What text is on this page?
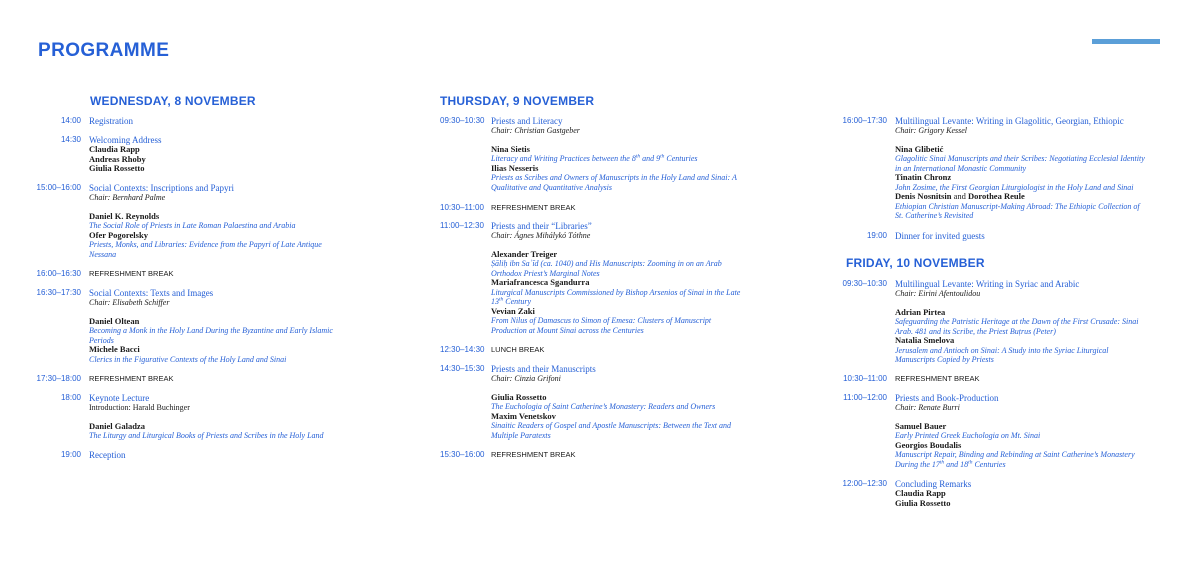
PROGRAMME
WEDNESDAY, 8 NOVEMBER
14:00 Registration
14:30 Welcoming Address
Claudia Rapp
Andreas Rhoby
Giulia Rossetto
15:00–16:00 Social Contexts: Inscriptions and Papyri
Chair: Bernhard Palme
Daniel K. Reynolds
The Social Role of Priests in Late Roman Palaestina and Arabia
Ofer Pogorelsky
Priests, Monks, and Libraries: Evidence from the Papyri of Late Antique
Nessana
16:00–16:30 REFRESHMENT BREAK
16:30–17:30 Social Contexts: Texts and Images
Chair: Elisabeth Schiffer
Daniel Oltean
Becoming a Monk in the Holy Land During the Byzantine and Early Islamic
Periods
Michele Bacci
Clerics in the Figurative Contexts of the Holy Land and Sinai
17:30–18:00 REFRESHMENT BREAK
18:00 Keynote Lecture
Introduction: Harald Buchinger
Daniel Galadza
The Liturgy and Liturgical Books of Priests and Scribes in the Holy Land
19:00 Reception
THURSDAY, 9 NOVEMBER
09:30–10:30 Priests and Literacy
Chair: Christian Gastgeber
Nina Sietis
Literacy and Writing Practices between the 8th and 9th Centuries
Ilias Nesseris
Priests as Scribes and Owners of Manuscripts in the Holy Land and Sinai: A
Qualitative and Quantitative Analysis
10:30–11:00 REFRESHMENT BREAK
11:00–12:30 Priests and their “Libraries”
Chair: Ágnes Mihálykó Tóthne
Alexander Treiger
Ṣāliḥ ibn Saʿīd (ca. 1040) and His Manuscripts: Zooming in on an Arab
Orthodox Priest’s Marginal Notes
Mariafrancesca Sgandurra
Liturgical Manuscripts Commissioned by Bishop Arsenios of Sinai in the Late
13th Century
Vevian Zaki
From Nilus of Damascus to Simon of Emesa: Clusters of Manuscript
Production at Mount Sinai across the Centuries
12:30–14:30 LUNCH BREAK
14:30–15:30 Priests and their Manuscripts
Chair: Cinzia Grifoni
Giulia Rossetto
The Euchologia of Saint Catherine’s Monastery: Readers and Owners
Maxim Venetskov
Sinaitic Readers of Gospel and Apostle Manuscripts: Between the Text and
Multiple Paratexts
15:30–16:00 REFRESHMENT BREAK
16:00–17:30 Multilingual Levante: Writing in Glagolitic, Georgian, Ethiopic
Chair: Grigory Kessel
Nina Glibetić
Glagolitic Sinai Manuscripts and their Scribes: Negotiating Ecclesial Identity
in an International Monastic Community
Tinatin Chronz
John Zosime, the First Georgian Liturgiologist in the Holy Land and Sinai
Denis Nosnitsin and Dorothea Reule
Ethiopian Christian Manuscript-Making Abroad: The Ethiopic Collection of
St. Catherine’s Revisited
19:00 Dinner for invited guests
FRIDAY, 10 NOVEMBER
09:30–10:30 Multilingual Levante: Writing in Syriac and Arabic
Chair: Eirini Afentoulidou
Adrian Pirtea
Safeguarding the Patristic Heritage at the Dawn of the First Crusade: Sinai
Arab. 481 and its Scribe, the Priest Buṭrus (Peter)
Natalia Smelova
Jerusalem and Antioch on Sinai: A Study into the Syriac Liturgical
Manuscripts Copied by Priests
10:30–11:00 REFRESHMENT BREAK
11:00–12:00 Priests and Book-Production
Chair: Renate Burri
Samuel Bauer
Early Printed Greek Euchologia on Mt. Sinai
Georgios Boudalis
Manuscript Repair, Binding and Rebinding at Saint Catherine’s Monastery
During the 17th and 18th Centuries
12:00–12:30 Concluding Remarks
Claudia Rapp
Giulia Rossetto
